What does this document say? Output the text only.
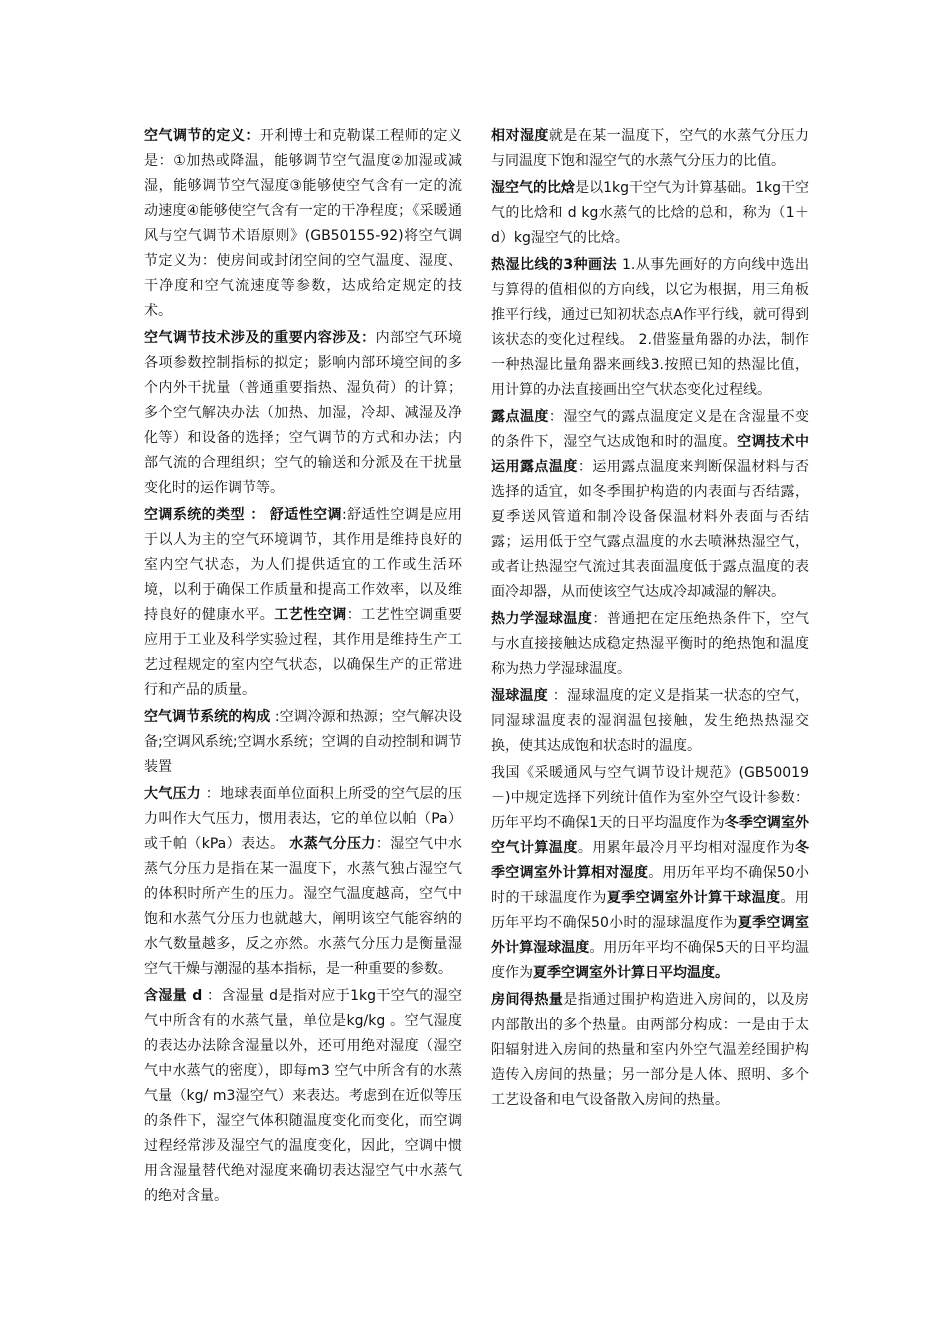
空气调节的定义：开利博士和克勒谋工程师的定义是：①加热或降温，能够调节空气温度②加湿或减湿，能够调节空气湿度③能够使空气含有一定的流动速度④能够使空气含有一定的干净程度；《采暖通风与空气调节术语原则》(GB50155-92)将空气调节定义为：使房间或封闭空间的空气温度、湿度、干净度和空气流速度等参数，达成给定规定的技术。

空气调节技术涉及的重要内容涉及：内部空气环境各项参数控制指标的拟定；影响内部环境空间的多个内外干扰量（普通重要指热、湿负荷）的计算；多个空气解决办法（加热、加湿，冷却、减湿及净化等）和设备的选择；空气调节的方式和办法；内部气流的合理组织；空气的输送和分派及在干扰量变化时的运作调节等。

空调系统的类型 ： 舒适性空调:舒适性空调是应用于以人为主的空气环境调节，其作用是维持良好的室内空气状态，为人们提供适宜的工作或生活环境，以利于确保工作质量和提高工作效率，以及维持良好的健康水平。工艺性空调：工艺性空调重要应用于工业及科学实验过程，其作用是维持生产工艺过程规定的室内空气状态，以确保生产的正常进行和产品的质量。

空气调节系统的构成 :空调冷源和热源；空气解决设备;空调风系统;空调水系统；空调的自动控制和调节装置

大气压力 ：地球表面单位面积上所受的空气层的压力叫作大气压力，惯用表达，它的单位以帕（Pa）或千帕（kPa）表达。 水蒸气分压力：湿空气中水蒸气分压力是指在某一温度下，水蒸气独占湿空气的体积时所产生的压力。湿空气温度越高，空气中饱和水蒸气分压力也就越大，阐明该空气能容纳的水气数量越多，反之亦然。水蒸气分压力是衡量湿空气干燥与潮湿的基本指标，是一种重要的参数。

含湿量 d ：含湿量 d是指对应于1kg干空气的湿空气中所含有的水蒸气量，单位是kg/kg 。空气湿度的表达办法除含湿量以外，还可用绝对湿度（湿空气中水蒸气的密度），即每m3 空气中所含有的水蒸气量（kg/ m3湿空气）来表达。考虑到在近似等压的条件下，湿空气体积随温度变化而变化，而空调过程经常涉及湿空气的温度变化，因此，空调中惯用含湿量替代绝对湿度来确切表达湿空气中水蒸气的绝对含量。

相对湿度就是在某一温度下，空气的水蒸气分压力与同温度下饱和湿空气的水蒸气分压力的比值。

湿空气的比焓是以1kg干空气为计算基础。1kg干空气的比焓和 d kg水蒸气的比焓的总和，称为（1＋d）kg湿空气的比焓。

热湿比线的3种画法 1.从事先画好的方向线中选出与算得的值相似的方向线，以它为根据，用三角板推平行线，通过已知初状态点A作平行线，就可得到该状态的变化过程线。 2.借鉴量角器的办法，制作一种热湿比量角器来画线3.按照已知的热湿比值，用计算的办法直接画出空气状态变化过程线。

露点温度：湿空气的露点温度定义是在含湿量不变的条件下，湿空气达成饱和时的温度。空调技术中运用露点温度：运用露点温度来判断保温材料与否选择的适宜，如冬季围护构造的内表面与否结露，夏季送风管道和制冷设备保温材料外表面与否结露；运用低于空气露点温度的水去喷淋热湿空气，或者让热湿空气流过其表面温度低于露点温度的表面冷却器，从而使该空气达成冷却减湿的解决。

热力学湿球温度：普通把在定压绝热条件下，空气与水直接接触达成稳定热湿平衡时的绝热饱和温度称为热力学湿球温度。

湿球温度 ：湿球温度的定义是指某一状态的空气，同湿球温度表的湿润温包接触，发生绝热热湿交换，使其达成饱和状态时的温度。

我国《采暖通风与空气调节设计规范》(GB50019－)中规定选择下列统计值作为室外空气设计参数：历年平均不确保1天的日平均温度作为冬季空调室外空气计算温度。用累年最冷月平均相对湿度作为冬季空调室外计算相对湿度。用历年平均不确保50小时的干球温度作为夏季空调室外计算干球温度。用历年平均不确保50小时的湿球温度作为夏季空调室外计算湿球温度。用历年平均不确保5天的日平均温度作为夏季空调室外计算日平均温度。

房间得热量是指通过围护构造进入房间的，以及房内部散出的多个热量。由两部分构成：一是由于太阳辐射进入房间的热量和室内外空气温差经围护构造传入房间的热量；另一部分是人体、照明、多个工艺设备和电气设备散入房间的热量。
